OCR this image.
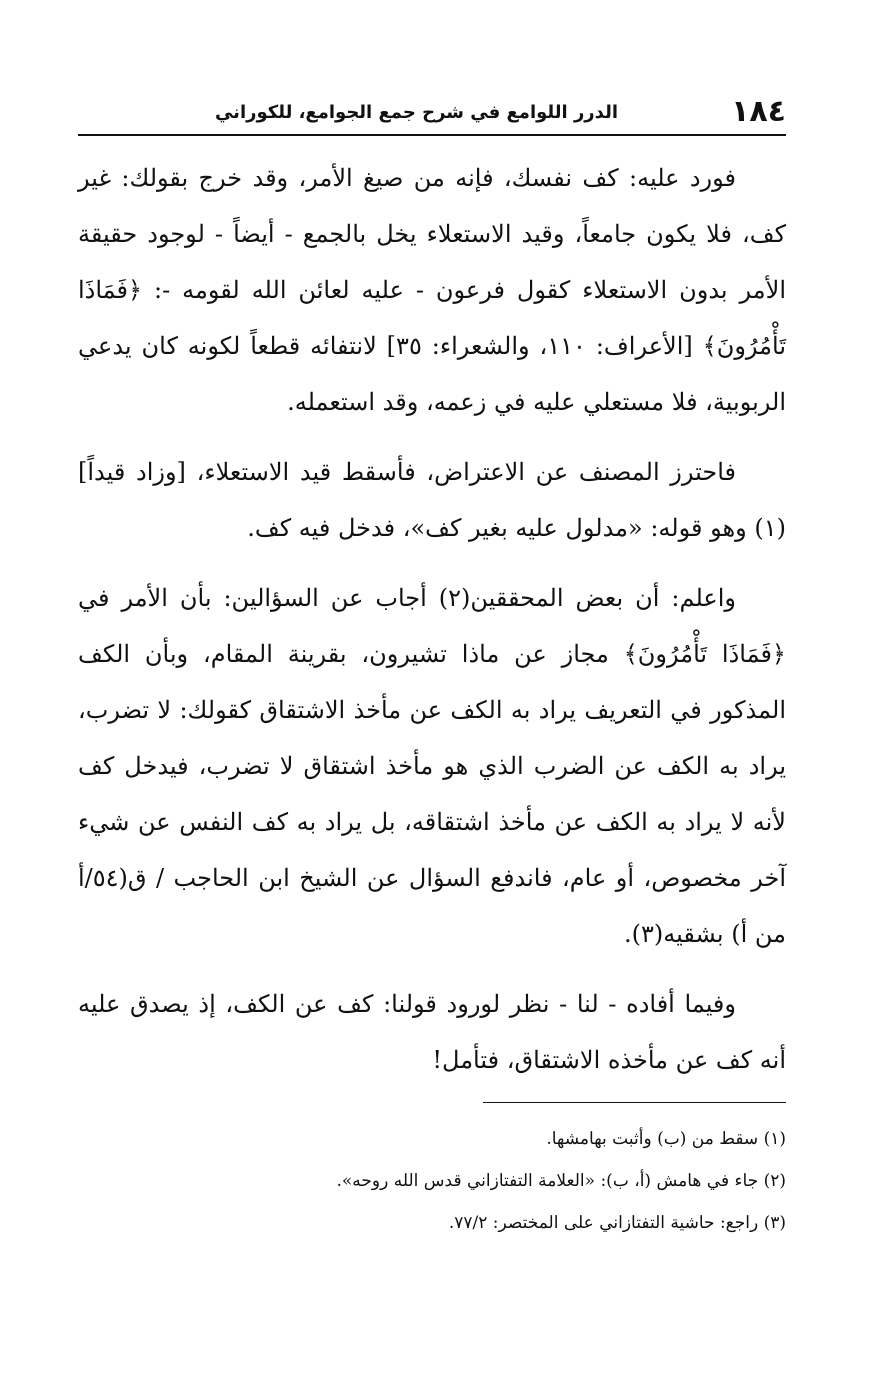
١٨٤
الدرر اللوامع في شرح جمع الجوامع، للكوراني

فورد عليه: كف نفسك، فإنه من صيغ الأمر، وقد خرج بقولك: غير كف، فلا يكون جامعاً، وقيد الاستعلاء يخل بالجمع - أيضاً - لوجود حقيقة الأمر بدون الاستعلاء كقول فرعون - عليه لعائن الله لقومه -: ﴿فَمَاذَا تَأْمُرُونَ﴾ [الأعراف: ١١٠، والشعراء: ٣٥] لانتفائه قطعاً لكونه كان يدعي الربوبية، فلا مستعلي عليه في زعمه، وقد استعمله.

فاحترز المصنف عن الاعتراض، فأسقط قيد الاستعلاء، [وزاد قيداً](١) وهو قوله: «مدلول عليه بغير كف»، فدخل فيه كف.

واعلم: أن بعض المحققين(٢) أجاب عن السؤالين: بأن الأمر في ﴿فَمَاذَا تَأْمُرُونَ﴾ مجاز عن ماذا تشيرون، بقرينة المقام، وبأن الكف المذكور في التعريف يراد به الكف عن مأخذ الاشتقاق كقولك: لا تضرب، يراد به الكف عن الضرب الذي هو مأخذ اشتقاق لا تضرب، فيدخل كف لأنه لا يراد به الكف عن مأخذ اشتقاقه، بل يراد به كف النفس عن شيء آخر مخصوص، أو عام، فاندفع السؤال عن الشيخ ابن الحاجب / ق(٥٤/أ من أ) بشقيه(٣).

وفيما أفاده - لنا - نظر لورود قولنا: كف عن الكف، إذ يصدق عليه أنه كف عن مأخذه الاشتقاق، فتأمل!

(١) سقط من (ب) وأثبت بهامشها.

(٢) جاء في هامش (أ، ب): «العلامة التفتازاني قدس الله روحه».

(٣) راجع: حاشية التفتازاني على المختصر: ٧٧/٢.
